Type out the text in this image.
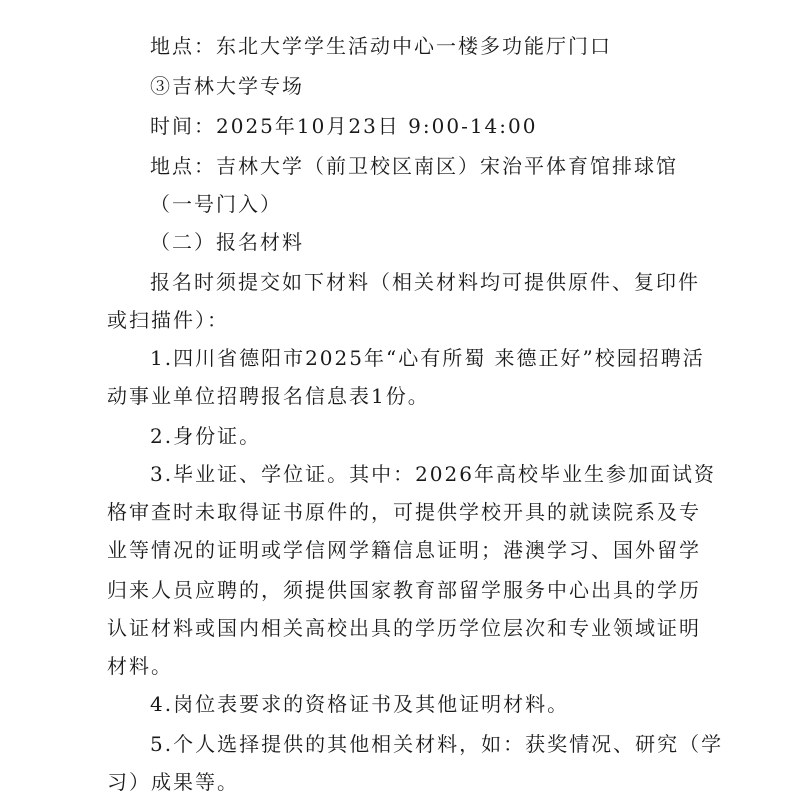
地点：东北大学学生活动中心一楼多功能厅门口
③吉林大学专场
时间：2025年10月23日 9:00-14:00
地点：吉林大学（前卫校区南区）宋治平体育馆排球馆
（一号门入）
（二）报名材料
报名时须提交如下材料（相关材料均可提供原件、复印件
或扫描件）：
1.四川省德阳市2025年“心有所蜀 来德正好”校园招聘活
动事业单位招聘报名信息表1份。
2.身份证。
3.毕业证、学位证。其中：2026年高校毕业生参加面试资
格审查时未取得证书原件的，可提供学校开具的就读院系及专
业等情况的证明或学信网学籍信息证明；港澳学习、国外留学
归来人员应聘的，须提供国家教育部留学服务中心出具的学历
认证材料或国内相关高校出具的学历学位层次和专业领域证明
材料。
4.岗位表要求的资格证书及其他证明材料。
5.个人选择提供的其他相关材料，如：获奖情况、研究（学
习）成果等。
